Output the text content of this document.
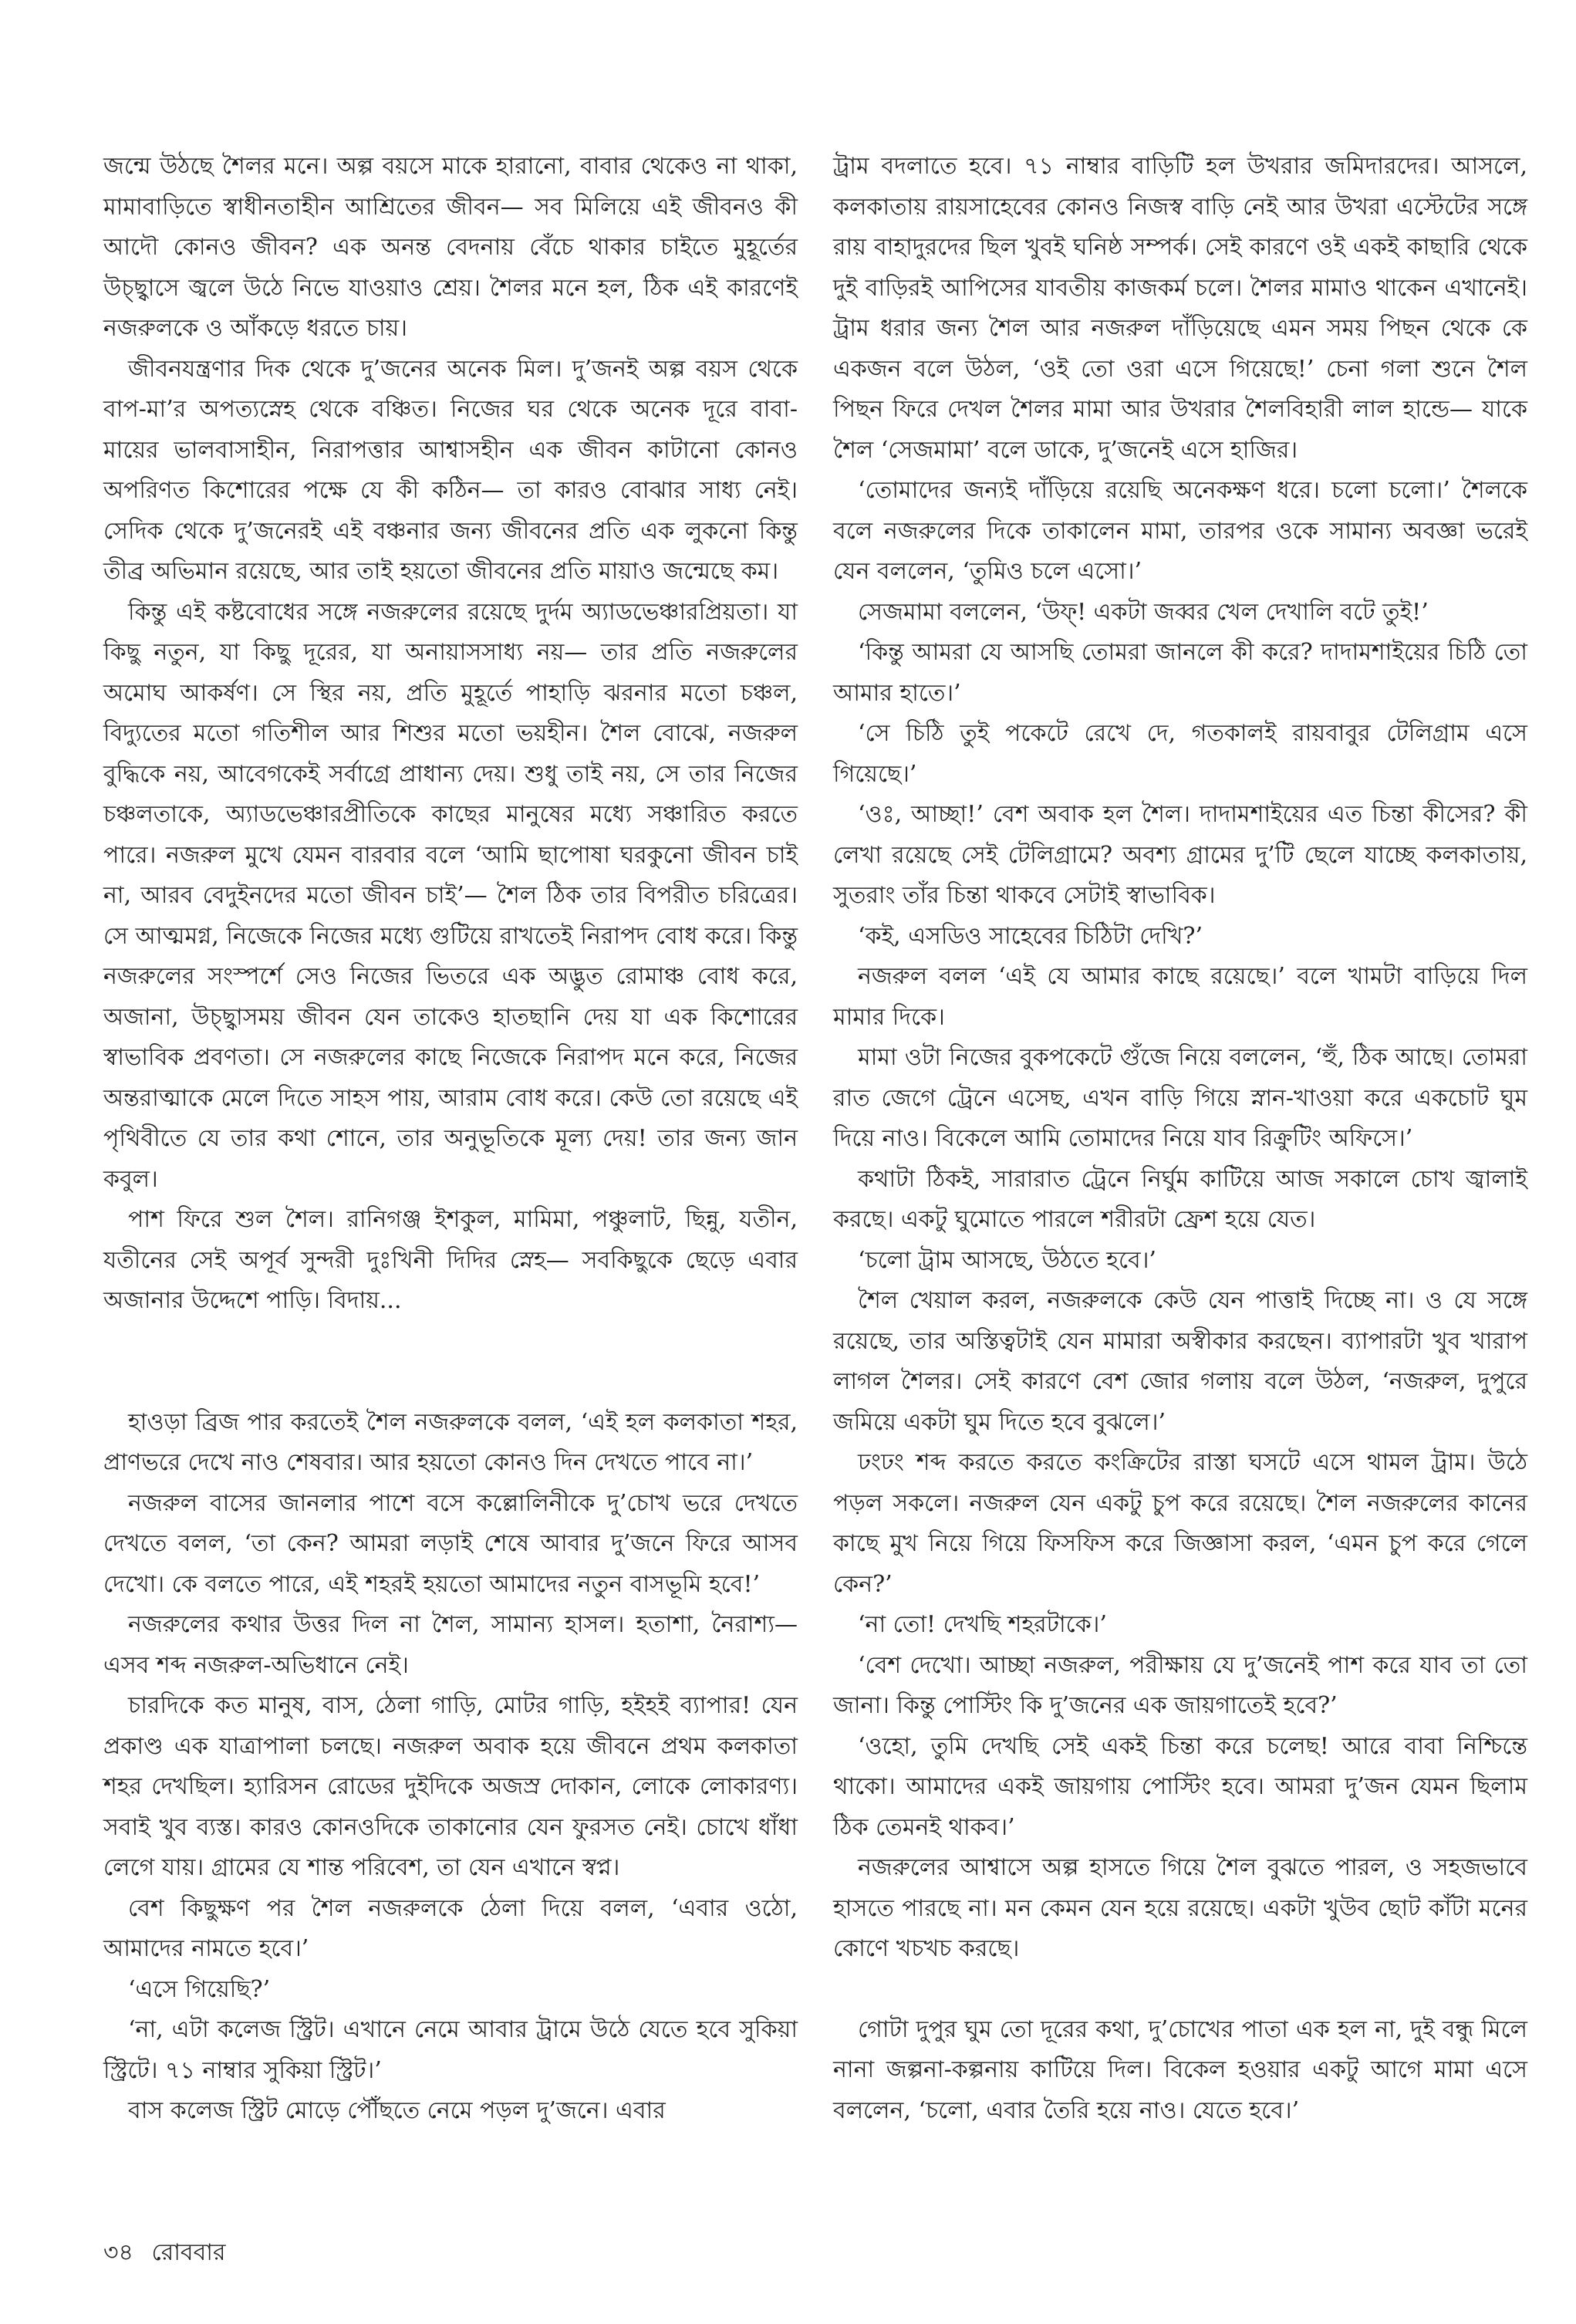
জন্মে উঠছে শৈলর মনে। অল্প বয়সে মাকে হারানো, বাবার থেকেও না থাকা, মামাবাড়িতে স্বাধীনতাহীন আশ্রিতের জীবন— সব মিলিয়ে এই জীবনও কী আদৌ কোনও জীবন? এক অনন্ত বেদনায় বেঁচে থাকার চাইতে মুহূর্তের উচ্ছ্বাসে জ্বলে উঠে নিভে যাওয়াও শ্রেয়। শৈলর মনে হল, ঠিক এই কারণেই নজরুলকে ও আঁকড়ে ধরতে চায়।

জীবনযন্ত্রণার দিক থেকে দু’জনের অনেক মিল। দু’জনই অল্প বয়স থেকে বাপ-মা’র অপত্যস্নেহ থেকে বঞ্চিত। নিজের ঘর থেকে অনেক দূরে বাবা-মায়ের ভালবাসাহীন, নিরাপত্তার আশ্বাসহীন এক জীবন কাটানো কোনও অপরিণত কিশোরের পক্ষে যে কী কঠিন— তা কারও বোঝার সাধ্য নেই। সেদিক থেকে দু’জনেরই এই বঞ্চনার জন্য জীবনের প্রতি এক লুকনো কিন্তু তীব্র অভিমান রয়েছে, আর তাই হয়তো জীবনের প্রতি মায়াও জন্মেছে কম।

কিন্তু এই কষ্টবোধের সঙ্গে নজরুলের রয়েছে দুর্দম অ্যাডভেঞ্চারপ্রিয়তা। যা কিছু নতুন, যা কিছু দূরের, যা অনায়াসসাধ্য নয়— তার প্রতি নজরুলের অমোঘ আকর্ষণ। সে স্থির নয়, প্রতি মুহূর্তে পাহাড়ি ঝরনার মতো চঞ্চল, বিদ্যুতের মতো গতিশীল আর শিশুর মতো ভয়হীন। শৈল বোঝে, নজরুল বুদ্ধিকে নয়, আবেগকেই সর্বাগ্রে প্রাধান্য দেয়। শুধু তাই নয়, সে তার নিজের চঞ্চলতাকে, অ্যাডভেঞ্চারপ্রীতিকে কাছের মানুষের মধ্যে সঞ্চারিত করতে পারে। নজরুল মুখে যেমন বারবার বলে ‘আমি ছাপোষা ঘরকুনো জীবন চাই না, আরব বেদুইনদের মতো জীবন চাই’— শৈল ঠিক তার বিপরীত চরিত্রের। সে আত্মমগ্ন, নিজেকে নিজের মধ্যে গুটিয়ে রাখতেই নিরাপদ বোধ করে। কিন্তু নজরুলের সংস্পর্শে সেও নিজের ভিতরে এক অদ্ভুত রোমাঞ্চ বোধ করে, অজানা, উচ্ছ্বাসময় জীবন যেন তাকেও হাতছানি দেয় যা এক কিশোরের স্বাভাবিক প্রবণতা। সে নজরুলের কাছে নিজেকে নিরাপদ মনে করে, নিজের অন্তরাত্মাকে মেলে দিতে সাহস পায়, আরাম বোধ করে। কেউ তো রয়েছে এই পৃথিবীতে যে তার কথা শোনে, তার অনুভূতিকে মূল্য দেয়! তার জন্য জান কবুল।

পাশ ফিরে শুল শৈল। রানিগঞ্জ ইশকুল, মামিমা, পঞ্চুলাট, ছিন্নু, যতীন, যতীনের সেই অপূর্ব সুন্দরী দুঃখিনী দিদির স্নেহ— সবকিছুকে ছেড়ে এবার অজানার উদ্দেশে পাড়ি। বিদায়...

হাওড়া ব্রিজ পার করতেই শৈল নজরুলকে বলল, ‘এই হল কলকাতা শহর, প্রাণভরে দেখে নাও শেষবার। আর হয়তো কোনও দিন দেখতে পাবে না।’

নজরুল বাসের জানলার পাশে বসে কল্লোলিনীকে দু’চোখ ভরে দেখতে দেখতে বলল, ‘তা কেন? আমরা লড়াই শেষে আবার দু’জনে ফিরে আসব দেখো। কে বলতে পারে, এই শহরই হয়তো আমাদের নতুন বাসভূমি হবে!’

নজরুলের কথার উত্তর দিল না শৈল, সামান্য হাসল। হতাশা, নৈরাশ্য— এসব শব্দ নজরুল-অভিধানে নেই।

চারদিকে কত মানুষ, বাস, ঠেলা গাড়ি, মোটর গাড়ি, হইহই ব্যাপার! যেন প্রকাণ্ড এক যাত্রাপালা চলছে। নজরুল অবাক হয়ে জীবনে প্রথম কলকাতা শহর দেখছিল। হ্যারিসন রোডের দুইদিকে অজস্র দোকান, লোকে লোকারণ্য। সবাই খুব ব্যস্ত। কারও কোনওদিকে তাকানোর যেন ফুরসত নেই। চোখে ধাঁধা লেগে যায়। গ্রামের যে শান্ত পরিবেশ, তা যেন এখানে স্বপ্ন।

বেশ কিছুক্ষণ পর শৈল নজরুলকে ঠেলা দিয়ে বলল, ‘এবার ওঠো, আমাদের নামতে হবে।’

‘এসে গিয়েছি?’

‘না, এটা কলেজ স্ট্রিট। এখানে নেমে আবার ট্রামে উঠে যেতে হবে সুকিয়া স্ট্রিটে। ৭১ নাম্বার সুকিয়া স্ট্রিট।’

বাস কলেজ স্ট্রিট মোড়ে পৌঁছতে নেমে পড়ল দু’জনে। এবার

ট্রাম বদলাতে হবে। ৭১ নাম্বার বাড়িটি হল উখরার জমিদারদের। আসলে, কলকাতায় রায়সাহেবের কোনও নিজস্ব বাড়ি নেই আর উখরা এস্টেটের সঙ্গে রায় বাহাদুরদের ছিল খুবই ঘনিষ্ঠ সম্পর্ক। সেই কারণে ওই একই কাছারি থেকে দুই বাড়িরই আপিসের যাবতীয় কাজকর্ম চলে। শৈলর মামাও থাকেন এখানেই। ট্রাম ধরার জন্য শৈল আর নজরুল দাঁড়িয়েছে এমন সময় পিছন থেকে কে একজন বলে উঠল, ‘ওই তো ওরা এসে গিয়েছে!’ চেনা গলা শুনে শৈল পিছন ফিরে দেখল শৈলর মামা আর উখরার শৈলবিহারী লাল হান্ডে— যাকে শৈল ‘সেজমামা’ বলে ডাকে, দু’জনেই এসে হাজির।

‘তোমাদের জন্যই দাঁড়িয়ে রয়েছি অনেকক্ষণ ধরে। চলো চলো।’ শৈলকে বলে নজরুলের দিকে তাকালেন মামা, তারপর ওকে সামান্য অবজ্ঞা ভরেই যেন বললেন, ‘তুমিও চলে এসো।’

সেজমামা বললেন, ‘উফ্! একটা জব্বর খেল দেখালি বটে তুই!’

‘কিন্তু আমরা যে আসছি তোমরা জানলে কী করে? দাদামশাইয়ের চিঠি তো আমার হাতে।’

‘সে চিঠি তুই পকেটে রেখে দে, গতকালই রায়বাবুর টেলিগ্রাম এসে গিয়েছে।’

‘ওঃ, আচ্ছা!’ বেশ অবাক হল শৈল। দাদামশাইয়ের এত চিন্তা কীসের? কী লেখা রয়েছে সেই টেলিগ্রামে? অবশ্য গ্রামের দু’টি ছেলে যাচ্ছে কলকাতায়, সুতরাং তাঁর চিন্তা থাকবে সেটাই স্বাভাবিক।

‘কই, এসডিও সাহেবের চিঠিটা দেখি?’

নজরুল বলল ‘এই যে আমার কাছে রয়েছে।’ বলে খামটা বাড়িয়ে দিল মামার দিকে।

মামা ওটা নিজের বুকপকেটে গুঁজে নিয়ে বললেন, ‘হুঁ, ঠিক আছে। তোমরা রাত জেগে ট্রেনে এসেছ, এখন বাড়ি গিয়ে স্নান-খাওয়া করে একচোট ঘুম দিয়ে নাও। বিকেলে আমি তোমাদের নিয়ে যাব রিক্রুটিং অফিসে।’

কথাটা ঠিকই, সারারাত ট্রেনে নির্ঘুম কাটিয়ে আজ সকালে চোখ জ্বালাই করছে। একটু ঘুমোতে পারলে শরীরটা ফ্রেশ হয়ে যেত।

‘চলো ট্রাম আসছে, উঠতে হবে।’

শৈল খেয়াল করল, নজরুলকে কেউ যেন পাত্তাই দিচ্ছে না। ও যে সঙ্গে রয়েছে, তার অস্তিত্বটাই যেন মামারা অস্বীকার করছেন। ব্যাপারটা খুব খারাপ লাগল শৈলর। সেই কারণে বেশ জোর গলায় বলে উঠল, ‘নজরুল, দুপুরে জমিয়ে একটা ঘুম দিতে হবে বুঝলে।’

ঢংঢং শব্দ করতে করতে কংক্রিটের রাস্তা ঘসটে এসে থামল ট্রাম। উঠে পড়ল সকলে। নজরুল যেন একটু চুপ করে রয়েছে। শৈল নজরুলের কানের কাছে মুখ নিয়ে গিয়ে ফিসফিস করে জিজ্ঞাসা করল, ‘এমন চুপ করে গেলে কেন?’

‘না তো! দেখছি শহরটাকে।’

‘বেশ দেখো। আচ্ছা নজরুল, পরীক্ষায় যে দু’জনেই পাশ করে যাব তা তো জানা। কিন্তু পোস্টিং কি দু’জনের এক জায়গাতেই হবে?’

‘ওহো, তুমি দেখছি সেই একই চিন্তা করে চলেছ! আরে বাবা নিশ্চিন্তে থাকো। আমাদের একই জায়গায় পোস্টিং হবে। আমরা দু’জন যেমন ছিলাম ঠিক তেমনই থাকব।’

নজরুলের আশ্বাসে অল্প হাসতে গিয়ে শৈল বুঝতে পারল, ও সহজভাবে হাসতে পারছে না। মন কেমন যেন হয়ে রয়েছে। একটা খুউব ছোট কাঁটা মনের কোণে খচখচ করছে।

গোটা দুপুর ঘুম তো দূরের কথা, দু’চোখের পাতা এক হল না, দুই বন্ধু মিলে নানা জল্পনা-কল্পনায় কাটিয়ে দিল। বিকেল হওয়ার একটু আগে মামা এসে বললেন, ‘চলো, এবার তৈরি হয়ে নাও। যেতে হবে।’

৩৪ রোববার
